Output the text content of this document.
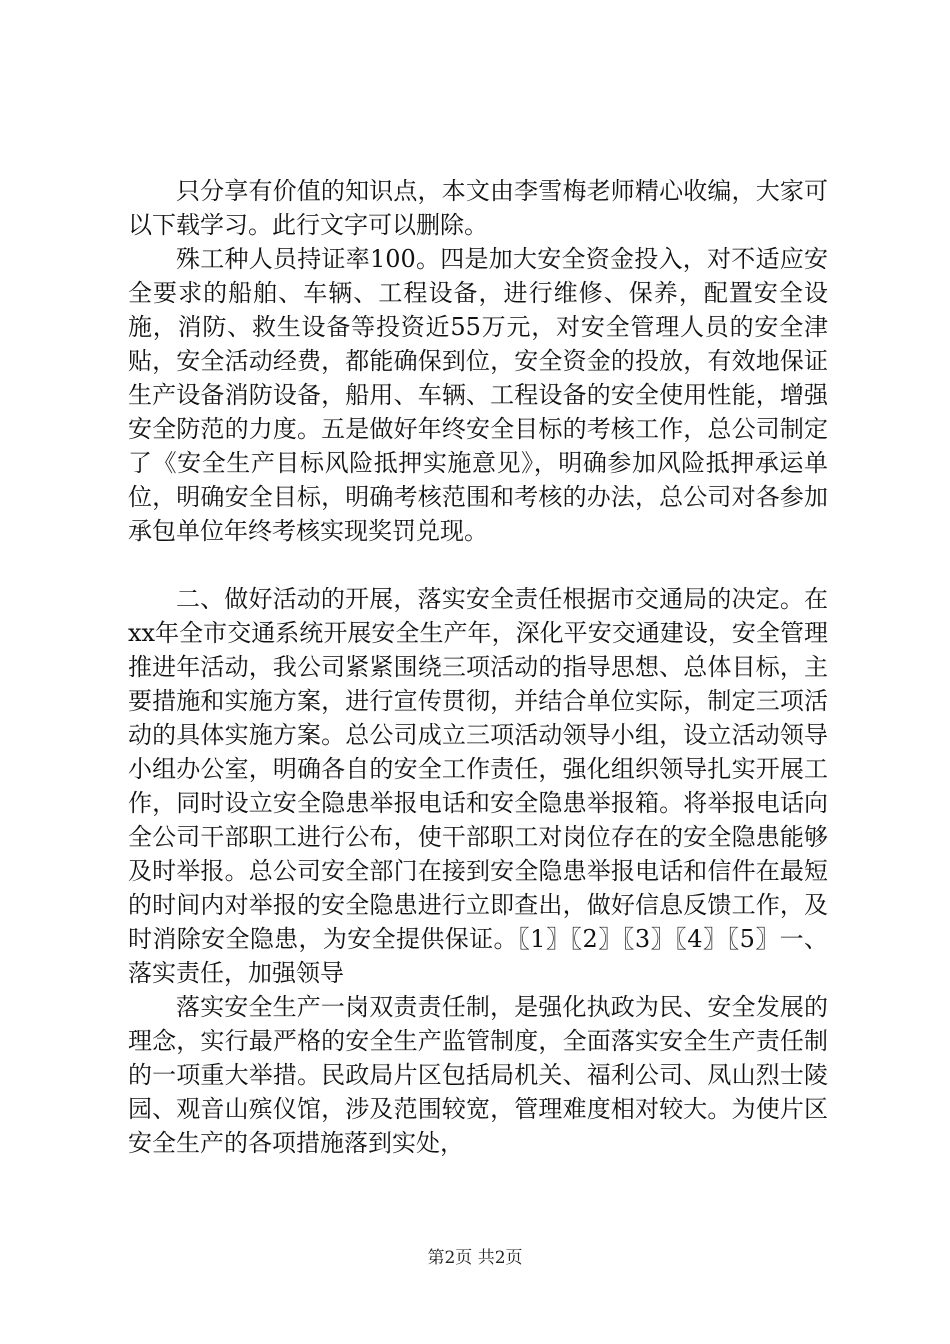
只分享有价值的知识点，本文由李雪梅老师精心收编，大家可以下载学习。此行文字可以删除。

殊工种人员持证率100。四是加大安全资金投入，对不适应安全要求的船舶、车辆、工程设备，进行维修、保养，配置安全设施，消防、救生设备等投资近55万元，对安全管理人员的安全津贴，安全活动经费，都能确保到位，安全资金的投放，有效地保证生产设备消防设备，船用、车辆、工程设备的安全使用性能，增强安全防范的力度。五是做好年终安全目标的考核工作，总公司制定了《安全生产目标风险抵押实施意见》，明确参加风险抵押承运单位，明确安全目标，明确考核范围和考核的办法，总公司对各参加承包单位年终考核实现奖罚兑现。

二、做好活动的开展，落实安全责任根据市交通局的决定。在xx年全市交通系统开展安全生产年，深化平安交通建设，安全管理推进年活动，我公司紧紧围绕三项活动的指导思想、总体目标，主要措施和实施方案，进行宣传贯彻，并结合单位实际，制定三项活动的具体实施方案。总公司成立三项活动领导小组，设立活动领导小组办公室，明确各自的安全工作责任，强化组织领导扎实开展工作，同时设立安全隐患举报电话和安全隐患举报箱。将举报电话向全公司干部职工进行公布，使干部职工对岗位存在的安全隐患能够及时举报。总公司安全部门在接到安全隐患举报电话和信件在最短的时间内对举报的安全隐患进行立即查出，做好信息反馈工作，及时消除安全隐患，为安全提供保证。〖1〗〖2〗〖3〗〖4〗〖5〗一、落实责任，加强领导

落实安全生产一岗双责责任制，是强化执政为民、安全发展的理念，实行最严格的安全生产监管制度，全面落实安全生产责任制的一项重大举措。民政局片区包括局机关、福利公司、凤山烈士陵园、观音山殡仪馆，涉及范围较宽，管理难度相对较大。为使片区安全生产的各项措施落到实处，

第2页 共2页
